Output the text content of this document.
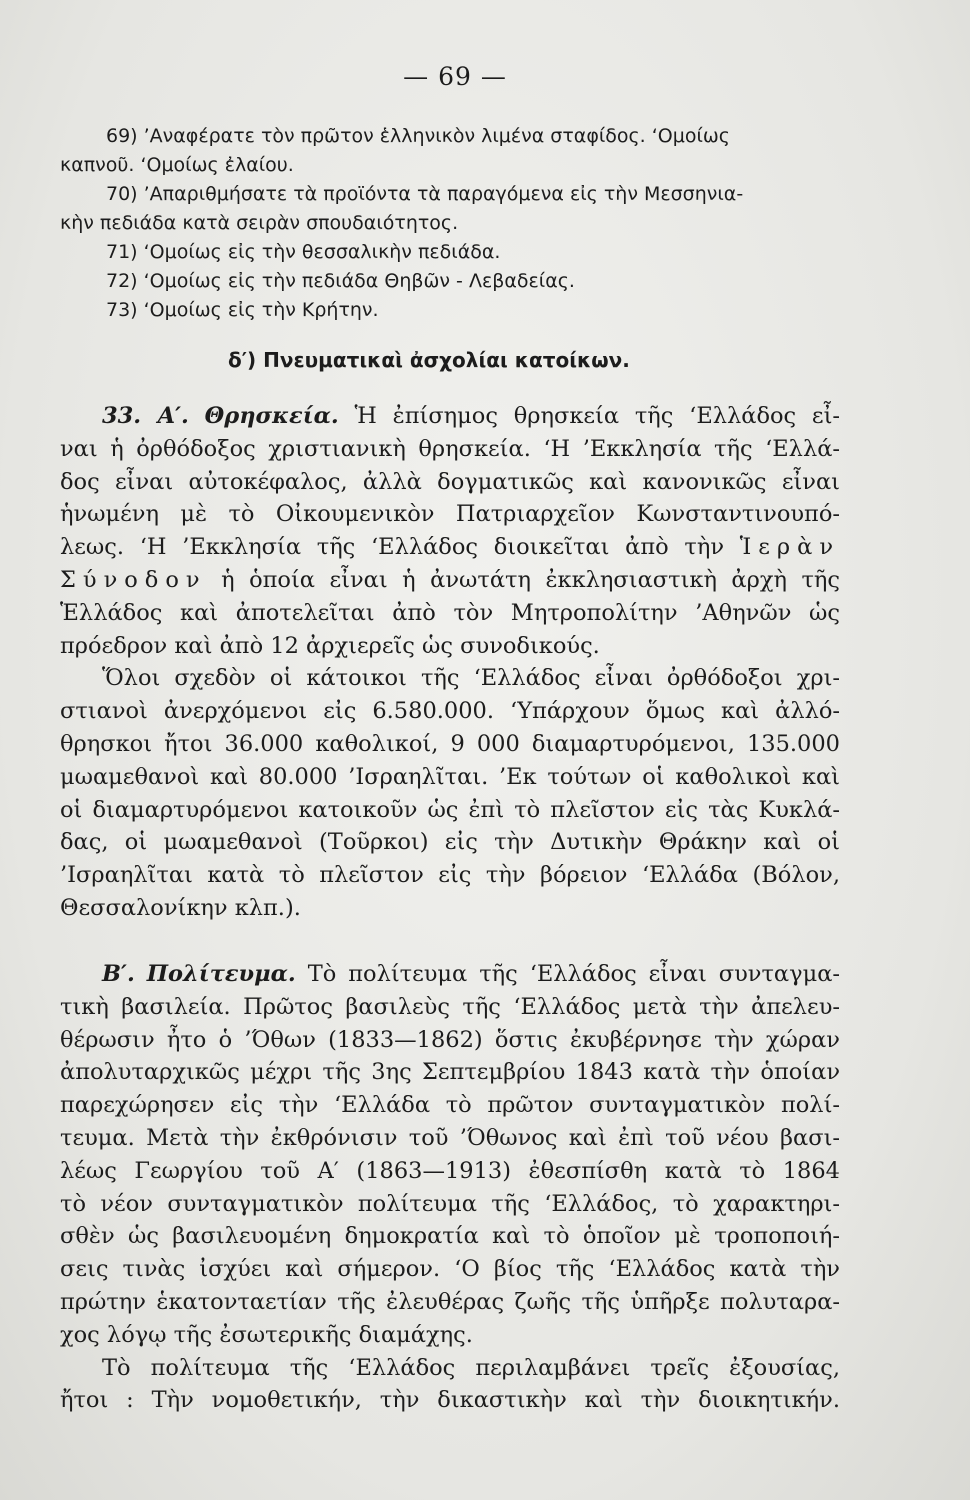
— 69 —
69) ’Αναφέρατε τὸν πρῶτον ἑλληνικὸν λιμένα σταφίδος. ‘Ομοίως
καπνοῦ. ‘Ομοίως ἐλαίου.
70) ’Απαριθμήσατε τὰ προϊόντα τὰ παραγόμενα εἰς τὴν Μεσσηνια-
κὴν πεδιάδα κατὰ σειρὰν σπουδαιότητος.
71) ‘Ομοίως εἰς τὴν θεσσαλικὴν πεδιάδα.
72) ‘Ομοίως εἰς τὴν πεδιάδα Θηβῶν - Λεβαδείας.
73) ‘Ομοίως εἰς τὴν Κρήτην.
δ′) Πνευματικαὶ ἀσχολίαι κατοίκων.
33. Α′. Θρησκεία. Ἡ ἐπίσημος θρησκεία τῆς ‘Ελλάδος εἶ-
ναι ἡ ὀρθόδοξος χριστιανικὴ θρησκεία. ‘Η ’Εκκλησία τῆς ‘Ελλά-
δος εἶναι αὐτοκέφαλος, ἀλλὰ δογματικῶς καὶ κανονικῶς εἶναι
ἡνωμένη μὲ τὸ Οἰκουμενικὸν Πατριαρχεῖον Κωνσταντινουπό-
λεως. ‘Η ’Εκκλησία τῆς ‘Ελλάδος διοικεῖται ἀπὸ τὴν Ἱερὰν
Σύνοδον ἡ ὁποία εἶναι ἡ ἀνωτάτη ἐκκλησιαστικὴ ἀρχὴ τῆς
Ἑλλάδος καὶ ἀποτελεῖται ἀπὸ τὸν Μητροπολίτην ’Αθηνῶν ὡς
πρόεδρον καὶ ἀπὸ 12 ἀρχιερεῖς ὡς συνοδικούς.
Ὅλοι σχεδὸν οἱ κάτοικοι τῆς ‘Ελλάδος εἶναι ὀρθόδοξοι χρι-
στιανοὶ ἀνερχόμενοι εἰς 6.580.000. ‘Υπάρχουν ὅμως καὶ ἀλλό-
θρησκοι ἤτοι 36.000 καθολικοί, 9 000 διαμαρτυρόμενοι, 135.000
μωαμεθανοὶ καὶ 80.000 ’Ισραηλῖται. ’Εκ τούτων οἱ καθολικοὶ καὶ
οἱ διαμαρτυρόμενοι κατοικοῦν ὡς ἐπὶ τὸ πλεῖστον εἰς τὰς Κυκλά-
δας, οἱ μωαμεθανοὶ (Τοῦρκοι) εἰς τὴν Δυτικὴν Θράκην καὶ οἱ
’Ισραηλῖται κατὰ τὸ πλεῖστον εἰς τὴν βόρειον ‘Ελλάδα (Βόλον,
Θεσσαλονίκην κλπ.).
Β′. Πολίτευμα. Τὸ πολίτευμα τῆς ‘Ελλάδος εἶναι συνταγμα-
τικὴ βασιλεία. Πρῶτος βασιλεὺς τῆς ‘Ελλάδος μετὰ τὴν ἀπελευ-
θέρωσιν ἦτο ὁ ’Όθων (1833—1862) ὅστις ἐκυβέρνησε τὴν χώραν
ἀπολυταρχικῶς μέχρι τῆς 3ης Σεπτεμβρίου 1843 κατὰ τὴν ὁποίαν
παρεχώρησεν εἰς τὴν ‘Ελλάδα τὸ πρῶτον συνταγματικὸν πολί-
τευμα. Μετὰ τὴν ἐκθρόνισιν τοῦ ’Όθωνος καὶ ἐπὶ τοῦ νέου βασι-
λέως Γεωργίου τοῦ Α′ (1863—1913) ἐθεσπίσθη κατὰ τὸ 1864
τὸ νέον συνταγματικὸν πολίτευμα τῆς ‘Ελλάδος, τὸ χαρακτηρι-
σθὲν ὡς βασιλευομένη δημοκρατία καὶ τὸ ὁποῖον μὲ τροποποιή-
σεις τινὰς ἰσχύει καὶ σήμερον. ‘Ο βίος τῆς ‘Ελλάδος κατὰ τὴν
πρώτην ἑκατονταετίαν τῆς ἐλευθέρας ζωῆς τῆς ὑπῆρξε πολυταρα-
χος λόγῳ τῆς ἐσωτερικῆς διαμάχης.
Τὸ πολίτευμα τῆς ‘Ελλάδος περιλαμβάνει τρεῖς ἐξουσίας,
ἤτοι : Τὴν νομοθετικήν, τὴν δικαστικὴν καὶ τὴν διοικητικήν.
